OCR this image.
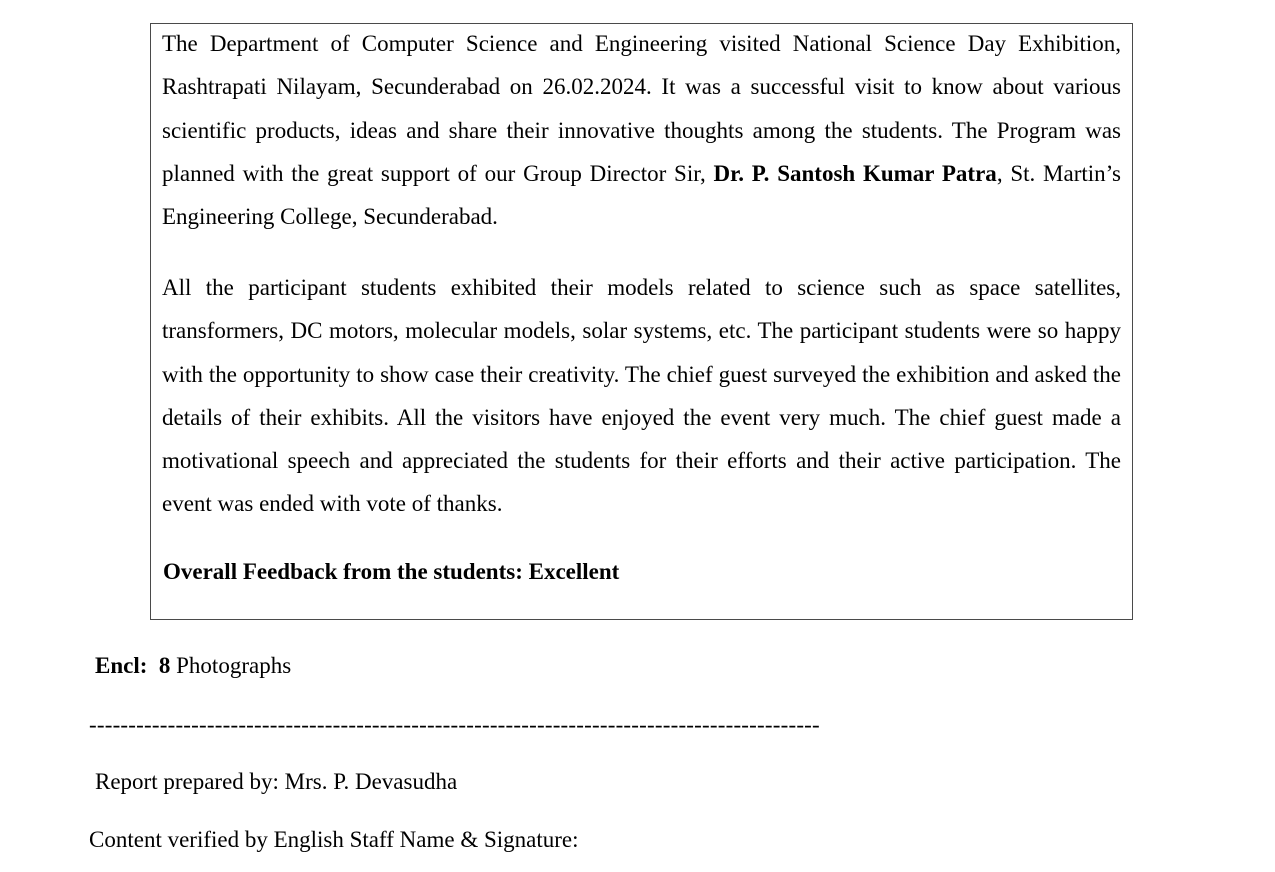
The Department of Computer Science and Engineering visited National Science Day Exhibition, Rashtrapati Nilayam, Secunderabad on 26.02.2024. It was a successful visit to know about various scientific products, ideas and share their innovative thoughts among the students. The Program was planned with the great support of our Group Director Sir, Dr. P. Santosh Kumar Patra, St. Martin’s Engineering College, Secunderabad.

All the participant students exhibited their models related to science such as space satellites, transformers, DC motors, molecular models, solar systems, etc. The participant students were so happy with the opportunity to show case their creativity. The chief guest surveyed the exhibition and asked the details of their exhibits. All the visitors have enjoyed the event very much. The chief guest made a motivational speech and appreciated the students for their efforts and their active participation. The event was ended with vote of thanks.

Overall Feedback from the students: Excellent

Encl: 8 Photographs

---------------------------------------------------------------------------------------------

Report prepared by: Mrs. P. Devasudha

Content verified by English Staff Name & Signature:
